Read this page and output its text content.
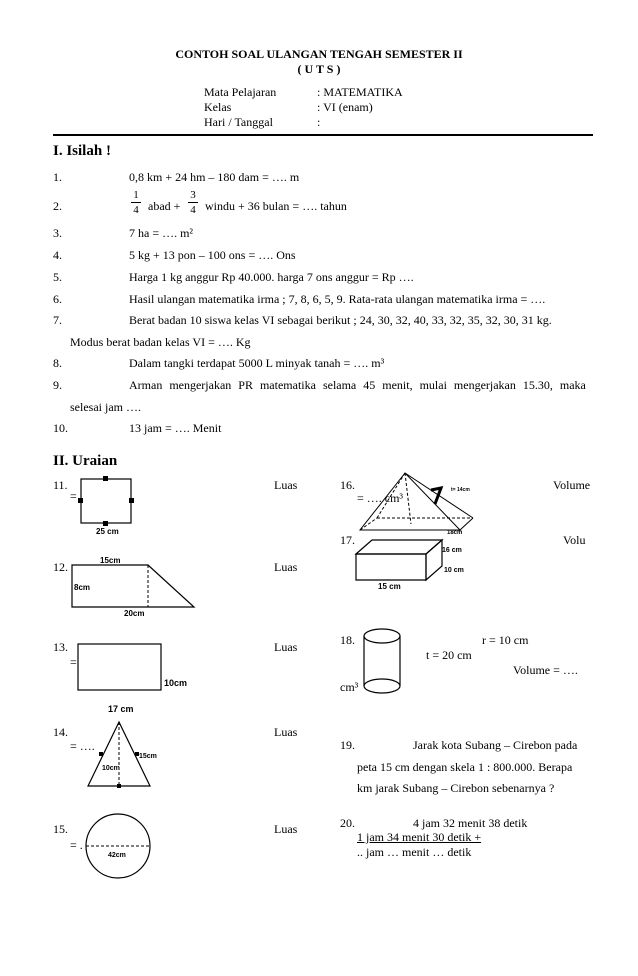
CONTOH SOAL ULANGAN TENGAH SEMESTER II
( U T S )
Mata Pelajaran	: MATEMATIKA
Kelas	: VI (enam)
Hari / Tanggal	:
I. Isilah !
1.	0,8 km + 24 hm – 180 dam = …. m
2.
1
4 abad +
3
4 windu + 36 bulan = …. tahun
3.	7 ha = …. m²
4.	5 kg + 13 pon – 100 ons = …. Ons
5.	Harga 1 kg anggur Rp 40.000. harga 7 ons anggur = Rp ….
6.	Hasil ulangan matematika irma ; 7, 8, 6, 5, 9. Rata-rata ulangan matematika irma = ….
7.	Berat badan 10 siswa kelas VI sebagai berikut ; 24, 30, 32, 40, 33, 32, 35, 32, 30, 31 kg.
Modus berat badan kelas VI = …. Kg
8.	Dalam tangki terdapat 5000 L minyak tanah = …. m³
9.	Arman mengerjakan PR matematika selama 45 menit, mulai mengerjakan 15.30, maka
selesai jam ….
10.	13 jam = …. Menit
II. Uraian
11.	Luas
=
25 cm
12.	Luas
15cm
8cm
20cm
13.	Luas
=
10cm
17 cm
14.	Luas
= ….
10cm
15cm
15.	Luas
= .
42cm
16.	Volume
= …. cm³
t= 14cm
18cm
17.	Volu
16 cm
10 cm
15 cm
18.	r = 10 cm
t = 20 cm
Volume = ….
cm³
19.	Jarak kota Subang – Cirebon pada
peta 15 cm dengan skela 1 : 800.000. Berapa
km jarak Subang – Cirebon sebenarnya ?
20.	4 jam 32 menit 38 detik
1 jam 34 menit 30 detik +
.. jam … menit … detik
